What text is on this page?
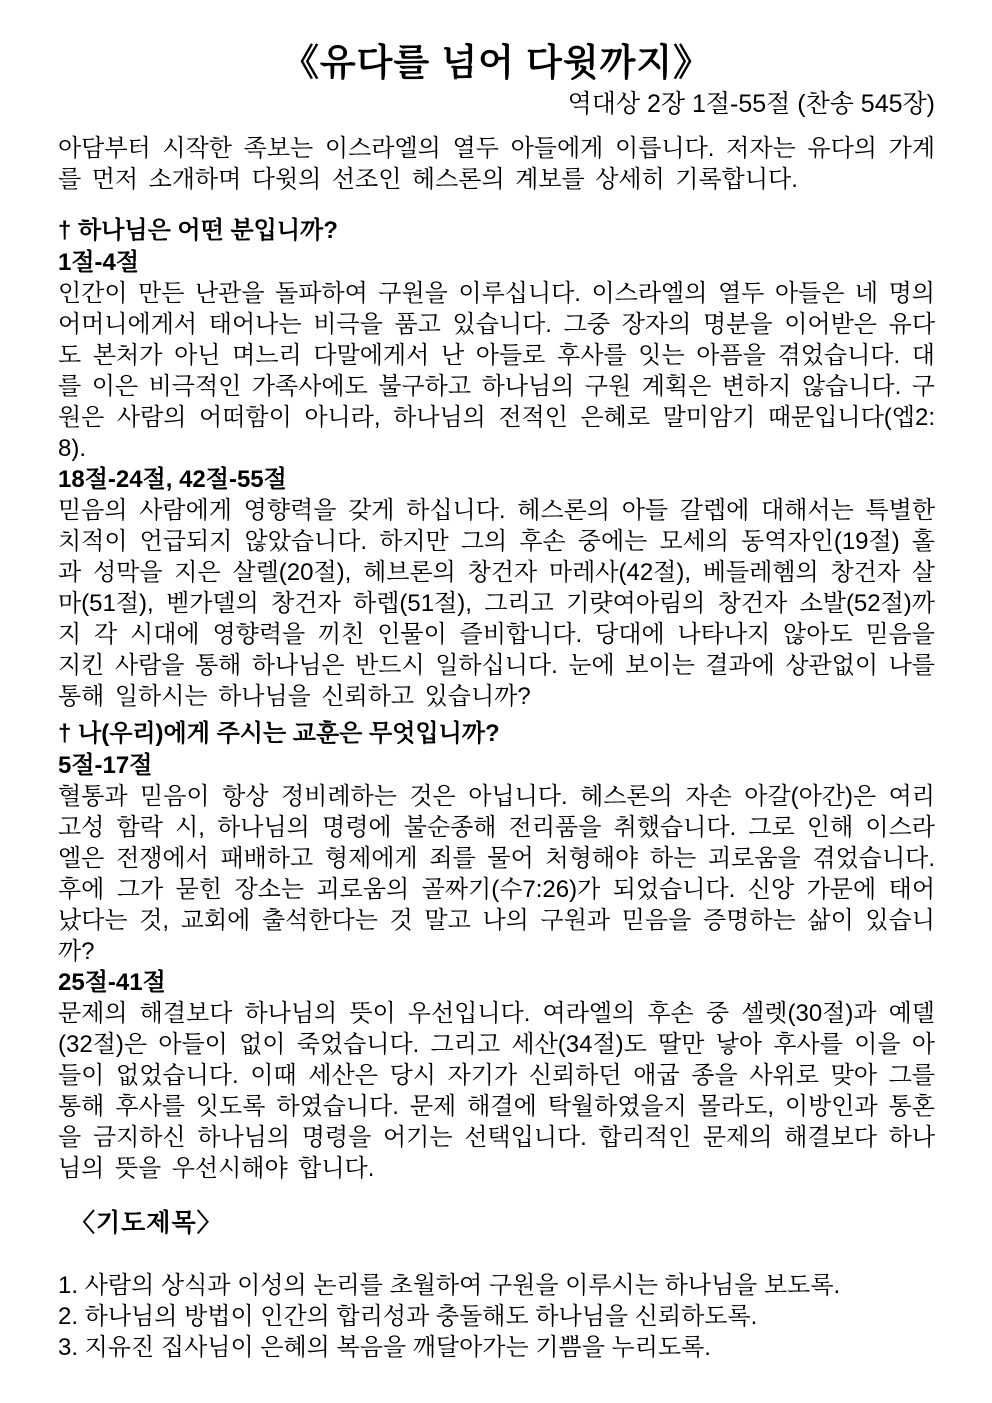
《유다를 넘어 다윗까지》
역대상 2장 1절-55절 (찬송 545장)

아담부터 시작한 족보는 이스라엘의 열두 아들에게 이릅니다. 저자는 유다의 가계를 먼저 소개하며 다윗의 선조인 헤스론의 계보를 상세히 기록합니다.

† 하나님은 어떤 분입니까?
1절-4절

인간이 만든 난관을 돌파하여 구원을 이루십니다. 이스라엘의 열두 아들은 네 명의 어머니에게서 태어나는 비극을 품고 있습니다. 그중 장자의 명분을 이어받은 유다도 본처가 아닌 며느리 다말에게서 난 아들로 후사를 잇는 아픔을 겪었습니다. 대를 이은 비극적인 가족사에도 불구하고 하나님의 구원 계획은 변하지 않습니다. 구원은 사람의 어떠함이 아니라, 하나님의 전적인 은혜로 말미암기 때문입니다(엡2:8).

18절-24절, 42절-55절

믿음의 사람에게 영향력을 갖게 하십니다. 헤스론의 아들 갈렙에 대해서는 특별한 치적이 언급되지 않았습니다. 하지만 그의 후손 중에는 모세의 동역자인(19절) 홀과 성막을 지은 살렐(20절), 헤브론의 창건자 마레사(42절), 베들레헴의 창건자 살마(51절), 벧가델의 창건자 하렙(51절), 그리고 기럇여아림의 창건자 소발(52절)까지 각 시대에 영향력을 끼친 인물이 즐비합니다. 당대에 나타나지 않아도 믿음을 지킨 사람을 통해 하나님은 반드시 일하십니다. 눈에 보이는 결과에 상관없이 나를 통해 일하시는 하나님을 신뢰하고 있습니까?

† 나(우리)에게 주시는 교훈은 무엇입니까?
5절-17절

혈통과 믿음이 항상 정비례하는 것은 아닙니다. 헤스론의 자손 아갈(아간)은 여리고성 함락 시, 하나님의 명령에 불순종해 전리품을 취했습니다. 그로 인해 이스라엘은 전쟁에서 패배하고 형제에게 죄를 물어 처형해야 하는 괴로움을 겪었습니다. 후에 그가 묻힌 장소는 괴로움의 골짜기(수7:26)가 되었습니다. 신앙 가문에 태어났다는 것, 교회에 출석한다는 것 말고 나의 구원과 믿음을 증명하는 삶이 있습니까?

25절-41절

문제의 해결보다 하나님의 뜻이 우선입니다. 여라엘의 후손 중 셀렛(30절)과 예델(32절)은 아들이 없이 죽었습니다. 그리고 세산(34절)도 딸만 낳아 후사를 이을 아들이 없었습니다. 이때 세산은 당시 자기가 신뢰하던 애굽 종을 사위로 맞아 그를 통해 후사를 잇도록 하였습니다. 문제 해결에 탁월하였을지 몰라도, 이방인과 통혼을 금지하신 하나님의 명령을 어기는 선택입니다. 합리적인 문제의 해결보다 하나님의 뜻을 우선시해야 합니다.

〈기도제목〉

1. 사람의 상식과 이성의 논리를 초월하여 구원을 이루시는 하나님을 보도록.

2. 하나님의 방법이 인간의 합리성과 충돌해도 하나님을 신뢰하도록.

3. 지유진 집사님이 은혜의 복음을 깨달아가는 기쁨을 누리도록.
